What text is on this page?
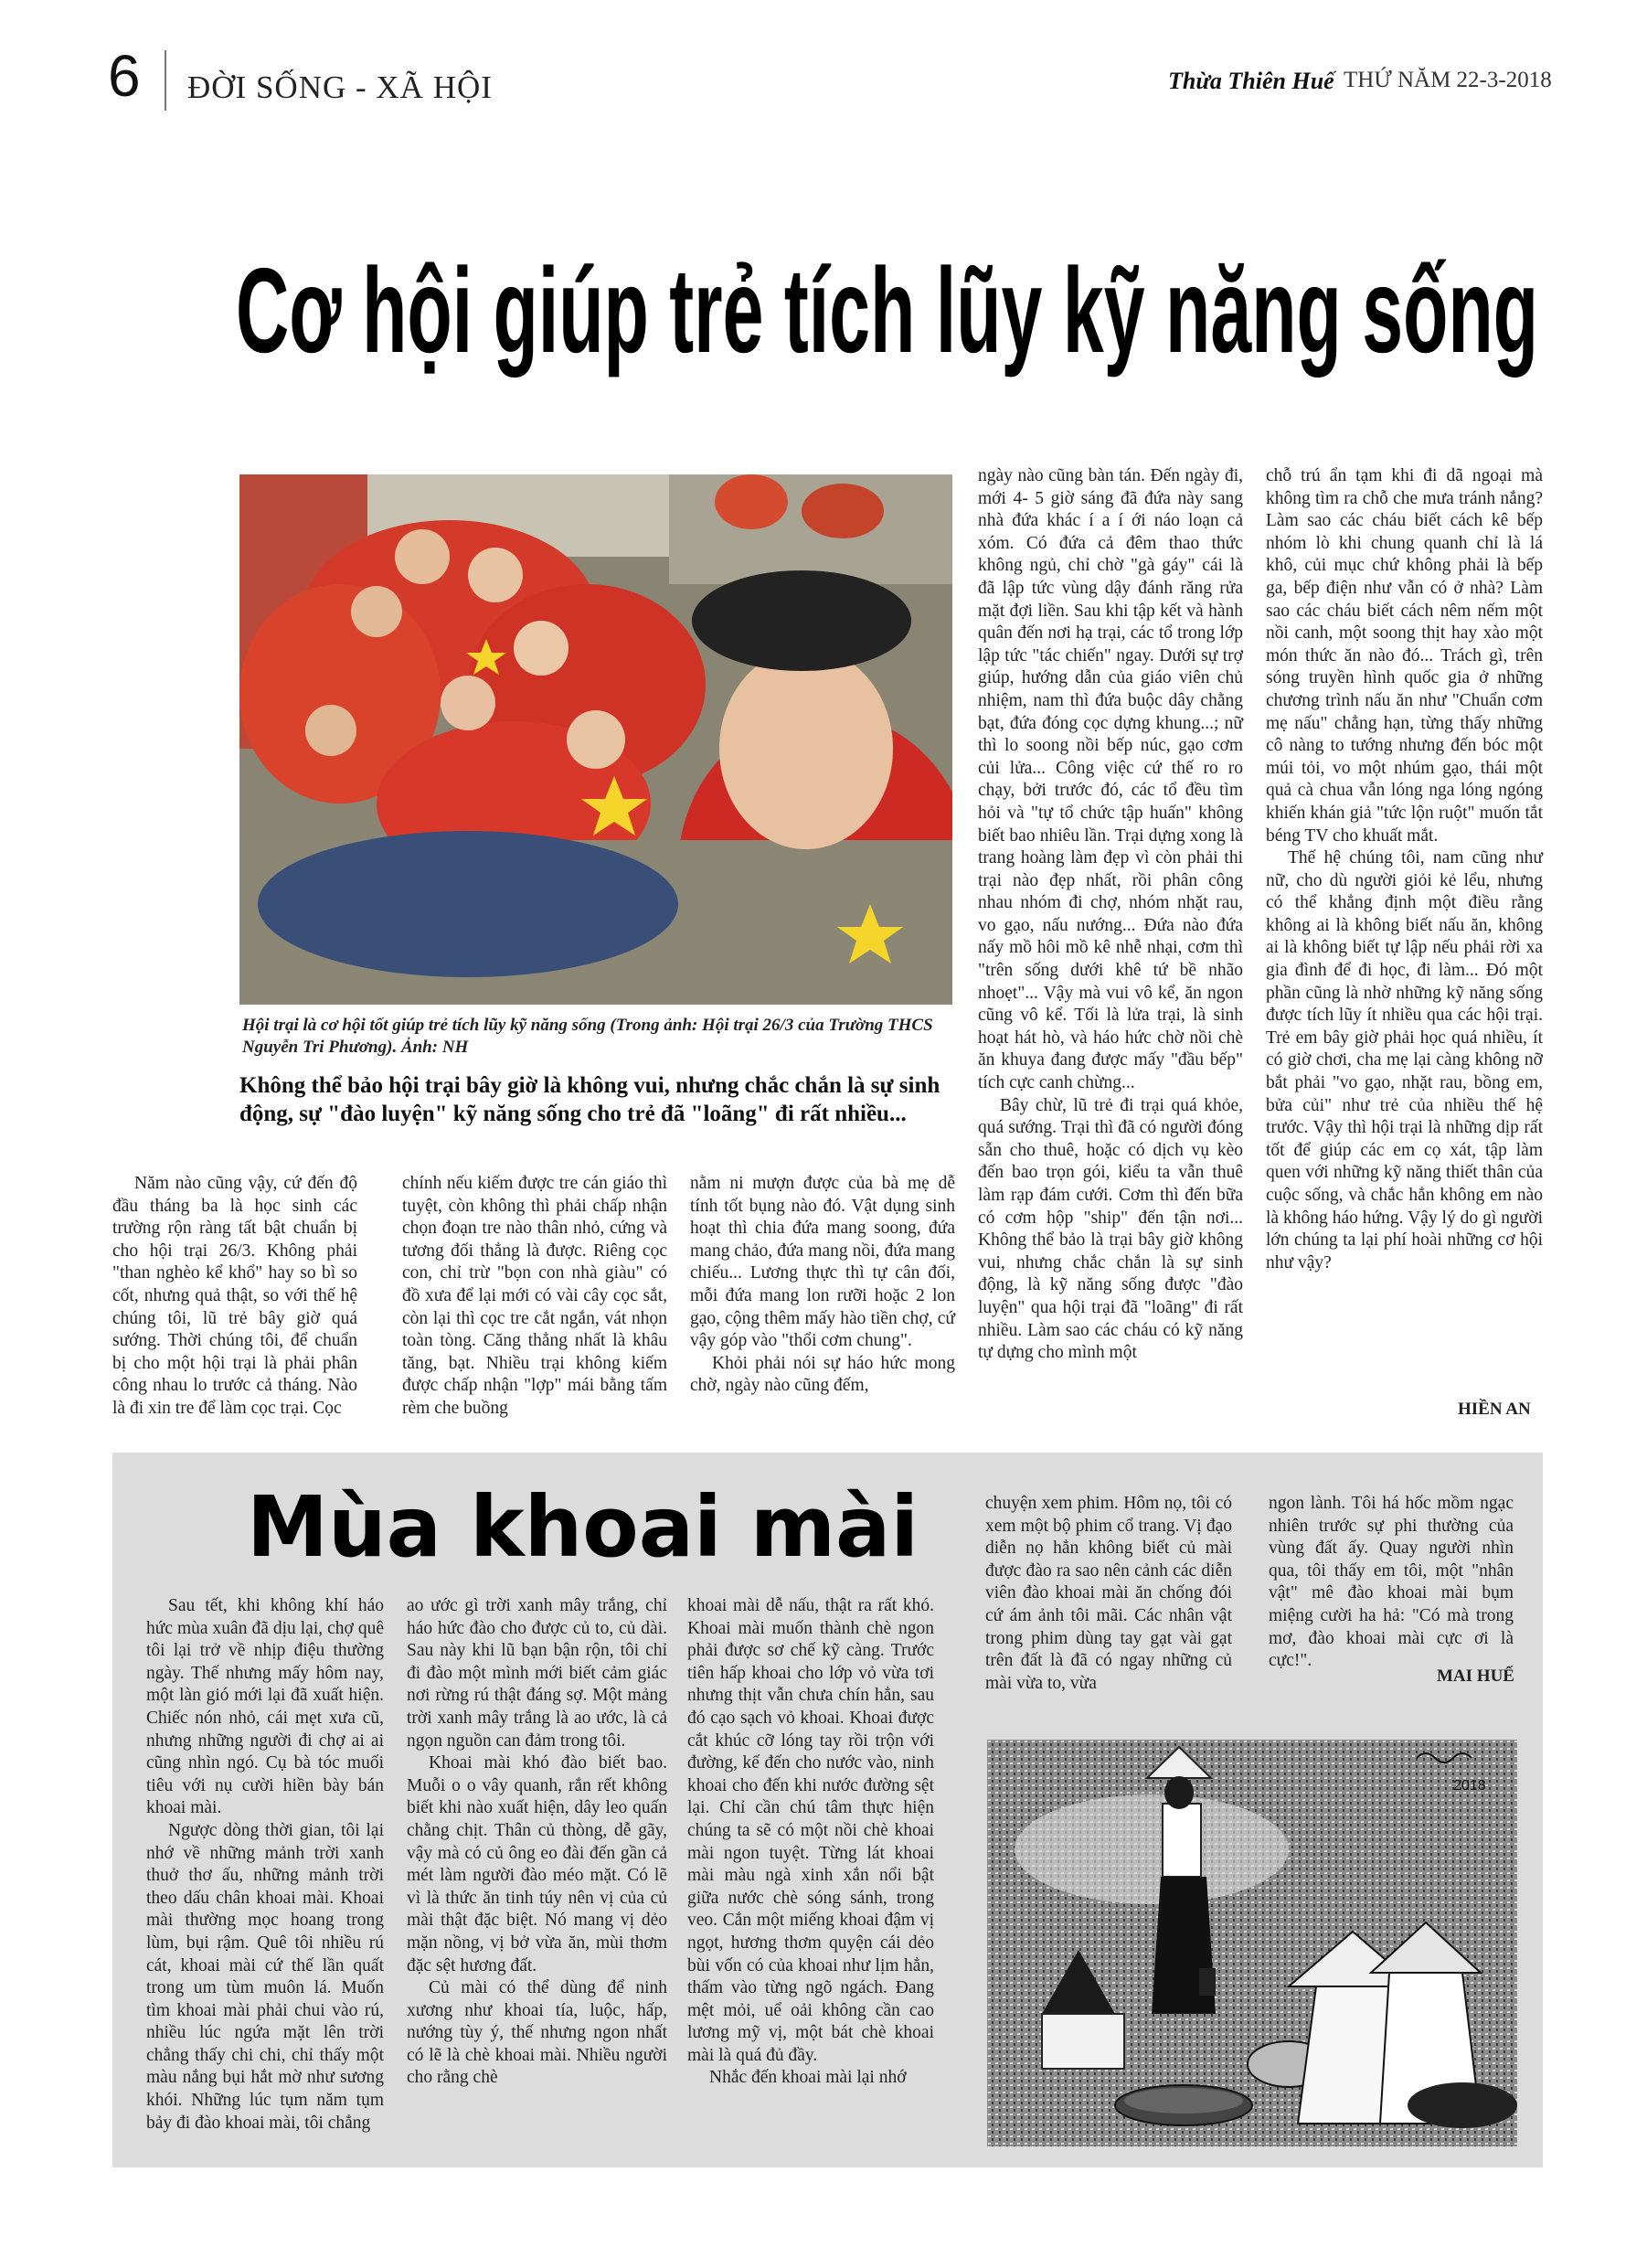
6 ĐỜI SỐNG - XÃ HỘI	Thừa Thiên Huế THỨ NĂM 22-3-2018
Cơ hội giúp trẻ tích lũy kỹ năng sống
Hội trại là cơ hội tốt giúp trẻ tích lũy kỹ năng sống (Trong ảnh: Hội trại 26/3 của Trường THCS Nguyễn Tri Phương). Ảnh: NH
Không thể bảo hội trại bây giờ là không vui, nhưng chắc chắn là sự sinh động, sự "đào luyện" kỹ năng sống cho trẻ đã "loãng" đi rất nhiều...

Năm nào cũng vậy, cứ đến độ đầu tháng ba là học sinh các trường rộn ràng tất bật chuẩn bị cho hội trại 26/3. Không phải "than nghèo kể khổ" hay so bì so cốt, nhưng quả thật, so với thế hệ chúng tôi, lũ trẻ bây giờ quá sướng. Thời chúng tôi, để chuẩn bị cho một hội trại là phải phân công nhau lo trước cả tháng. Nào là đi xin tre để làm cọc trại. Cọc

chính nếu kiếm được tre cán giáo thì tuyệt, còn không thì phải chấp nhận chọn đoạn tre nào thân nhỏ, cứng và tương đối thẳng là được. Riêng cọc con, chỉ trừ "bọn con nhà giàu" có đồ xưa để lại mới có vài cây cọc sắt, còn lại thì cọc tre cắt ngắn, vát nhọn toàn tòng. Căng thẳng nhất là khâu tăng, bạt. Nhiều trại không kiếm được chấp nhận "lợp" mái bằng tấm rèm che buồng

nằm ni mượn được của bà mẹ dễ tính tốt bụng nào đó. Vật dụng sinh hoạt thì chia đứa mang soong, đứa mang chảo, đứa mang nồi, đứa mang chiếu... Lương thực thì tự cân đối, mỗi đứa mang lon rưỡi hoặc 2 lon gạo, cộng thêm mấy hào tiền chợ, cứ vậy góp vào "thổi cơm chung".

Khỏi phải nói sự háo hức mong chờ, ngày nào cũng đếm,

ngày nào cũng bàn tán. Đến ngày đi, mới 4- 5 giờ sáng đã đứa này sang nhà đứa khác í a í ới náo loạn cả xóm. Có đứa cả đêm thao thức không ngủ, chỉ chờ "gà gáy" cái là đã lập tức vùng dậy đánh răng rửa mặt đợi liền. Sau khi tập kết và hành quân đến nơi hạ trại, các tổ trong lớp lập tức "tác chiến" ngay. Dưới sự trợ giúp, hướng dẫn của giáo viên chủ nhiệm, nam thì đứa buộc dây chằng bạt, đứa đóng cọc dựng khung...; nữ thì lo soong nồi bếp núc, gạo cơm củi lửa... Công việc cứ thế ro ro chạy, bởi trước đó, các tổ đều tìm hỏi và "tự tổ chức tập huấn" không biết bao nhiêu lần. Trại dựng xong là trang hoàng làm đẹp vì còn phải thi trại nào đẹp nhất, rồi phân công nhau nhóm đi chợ, nhóm nhặt rau, vo gạo, nấu nướng... Đứa nào đứa nấy mồ hôi mồ kê nhễ nhại, cơm thì "trên sống dưới khê tứ bề nhão nhoẹt"... Vậy mà vui vô kể, ăn ngon cũng vô kể. Tối là lửa trại, là sinh hoạt hát hò, và háo hức chờ nồi chè ăn khuya đang được mấy "đầu bếp" tích cực canh chừng...

Bây chừ, lũ trẻ đi trại quá khỏe, quá sướng. Trại thì đã có người đóng sẵn cho thuê, hoặc có dịch vụ kèo đến bao trọn gói, kiểu ta vẫn thuê làm rạp đám cưới. Cơm thì đến bữa có cơm hộp "ship" đến tận nơi... Không thể bảo là trại bây giờ không vui, nhưng chắc chắn là sự sinh động, là kỹ năng sống được "đào luyện" qua hội trại đã "loãng" đi rất nhiều. Làm sao các cháu có kỹ năng tự dựng cho mình một

chỗ trú ẩn tạm khi đi dã ngoại mà không tìm ra chỗ che mưa tránh nắng? Làm sao các cháu biết cách kê bếp nhóm lò khi chung quanh chỉ là lá khô, củi mục chứ không phải là bếp ga, bếp điện như vẫn có ở nhà? Làm sao các cháu biết cách nêm nếm một nồi canh, một soong thịt hay xào một món thức ăn nào đó... Trách gì, trên sóng truyền hình quốc gia ở những chương trình nấu ăn như "Chuẩn cơm mẹ nấu" chẳng hạn, từng thấy những cô nàng to tướng nhưng đến bóc một múi tỏi, vo một nhúm gạo, thái một quả cà chua vẫn lóng nga lóng ngóng khiến khán giả "tức lộn ruột" muốn tắt béng TV cho khuất mắt.

Thế hệ chúng tôi, nam cũng như nữ, cho dù người giỏi kẻ lểu, nhưng có thể khẳng định một điều rằng không ai là không biết nấu ăn, không ai là không biết tự lập nếu phải rời xa gia đình để đi học, đi làm... Đó một phần cũng là nhờ những kỹ năng sống được tích lũy ít nhiều qua các hội trại. Trẻ em bây giờ phải học quá nhiều, ít có giờ chơi, cha mẹ lại càng không nỡ bắt phải "vo gạo, nhặt rau, bồng em, bửa củi" như trẻ của nhiều thế hệ trước. Vậy thì hội trại là những dịp rất tốt để giúp các em cọ xát, tập làm quen với những kỹ năng thiết thân của cuộc sống, và chắc hẳn không em nào là không háo hứng. Vậy lý do gì người lớn chúng ta lại phí hoài những cơ hội như vậy?

HIỀN AN
Mùa khoai mài

Sau tết, khi không khí háo hức mùa xuân đã dịu lại, chợ quê tôi lại trở về nhịp điệu thường ngày. Thế nhưng mấy hôm nay, một làn gió mới lại đã xuất hiện. Chiếc nón nhỏ, cái mẹt xưa cũ, nhưng những người đi chợ ai ai cũng nhìn ngó. Cụ bà tóc muối tiêu với nụ cười hiền bày bán khoai mài.

Ngược dòng thời gian, tôi lại nhớ về những mảnh trời xanh thuở thơ ấu, những mảnh trời theo dấu chân khoai mài. Khoai mài thường mọc hoang trong lùm, bụi rậm. Quê tôi nhiều rú cát, khoai mài cứ thế lần quất trong um tùm muôn lá. Muốn tìm khoai mài phải chui vào rú, nhiều lúc ngứa mặt lên trời chẳng thấy chi chi, chỉ thấy một màu nắng bụi hắt mờ như sương khói. Những lúc tụm năm tụm bảy đi đào khoai mài, tôi chẳng

ao ước gì trời xanh mây trắng, chỉ háo hức đào cho được củ to, củ dài. Sau này khi lũ bạn bận rộn, tôi chỉ đi đào một mình mới biết cảm giác nơi rừng rú thật đáng sợ. Một mảng trời xanh mây trắng là ao ước, là cả ngọn nguồn can đảm trong tôi.

Khoai mài khó đào biết bao. Muỗi o o vây quanh, rắn rết không biết khi nào xuất hiện, dây leo quấn chằng chịt. Thân củ thòng, dễ gãy, vậy mà có củ ông eo đài đến gần cả mét làm người đào méo mặt. Có lẽ vì là thức ăn tinh túy nên vị của củ mài thật đặc biệt. Nó mang vị dẻo mặn nồng, vị bở vừa ăn, mùi thơm đặc sệt hương đất.

Củ mài có thể dùng để ninh xương như khoai tía, luộc, hấp, nướng tùy ý, thế nhưng ngon nhất có lẽ là chè khoai mài. Nhiều người cho rằng chè

khoai mài dễ nấu, thật ra rất khó. Khoai mài muốn thành chè ngon phải được sơ chế kỹ càng. Trước tiên hấp khoai cho lớp vỏ vừa tơi nhưng thịt vẫn chưa chín hẳn, sau đó cạo sạch vỏ khoai. Khoai được cắt khúc cỡ lóng tay rồi trộn với đường, kế đến cho nước vào, ninh khoai cho đến khi nước đường sệt lại. Chỉ cần chú tâm thực hiện chúng ta sẽ có một nồi chè khoai mài ngon tuyệt. Từng lát khoai mài màu ngà xinh xắn nổi bật giữa nước chè sóng sánh, trong veo. Cắn một miếng khoai đậm vị ngọt, hương thơm quyện cái dẻo bùi vốn có của khoai như lịm hẳn, thấm vào từng ngõ ngách. Đang mệt mỏi, uể oải không cần cao lương mỹ vị, một bát chè khoai mài là quá đủ đầy.

Nhắc đến khoai mài lại nhớ

chuyện xem phim. Hôm nọ, tôi có xem một bộ phim cổ trang. Vị đạo diễn nọ hẳn không biết củ mài được đào ra sao nên cảnh các diễn viên đào khoai mài ăn chống đói cứ ám ảnh tôi mãi. Các nhân vật trong phim dùng tay gạt vài gạt trên đất là đã có ngay những củ mài vừa to, vừa

ngon lành. Tôi há hốc mồm ngạc nhiên trước sự phi thường của vùng đất ấy. Quay người nhìn qua, tôi thấy em tôi, một "nhân vật" mê đào khoai mài bụm miệng cười ha hả: "Có mà trong mơ, đào khoai mài cực ơi là cực!".

MAI HUẾ
2018
